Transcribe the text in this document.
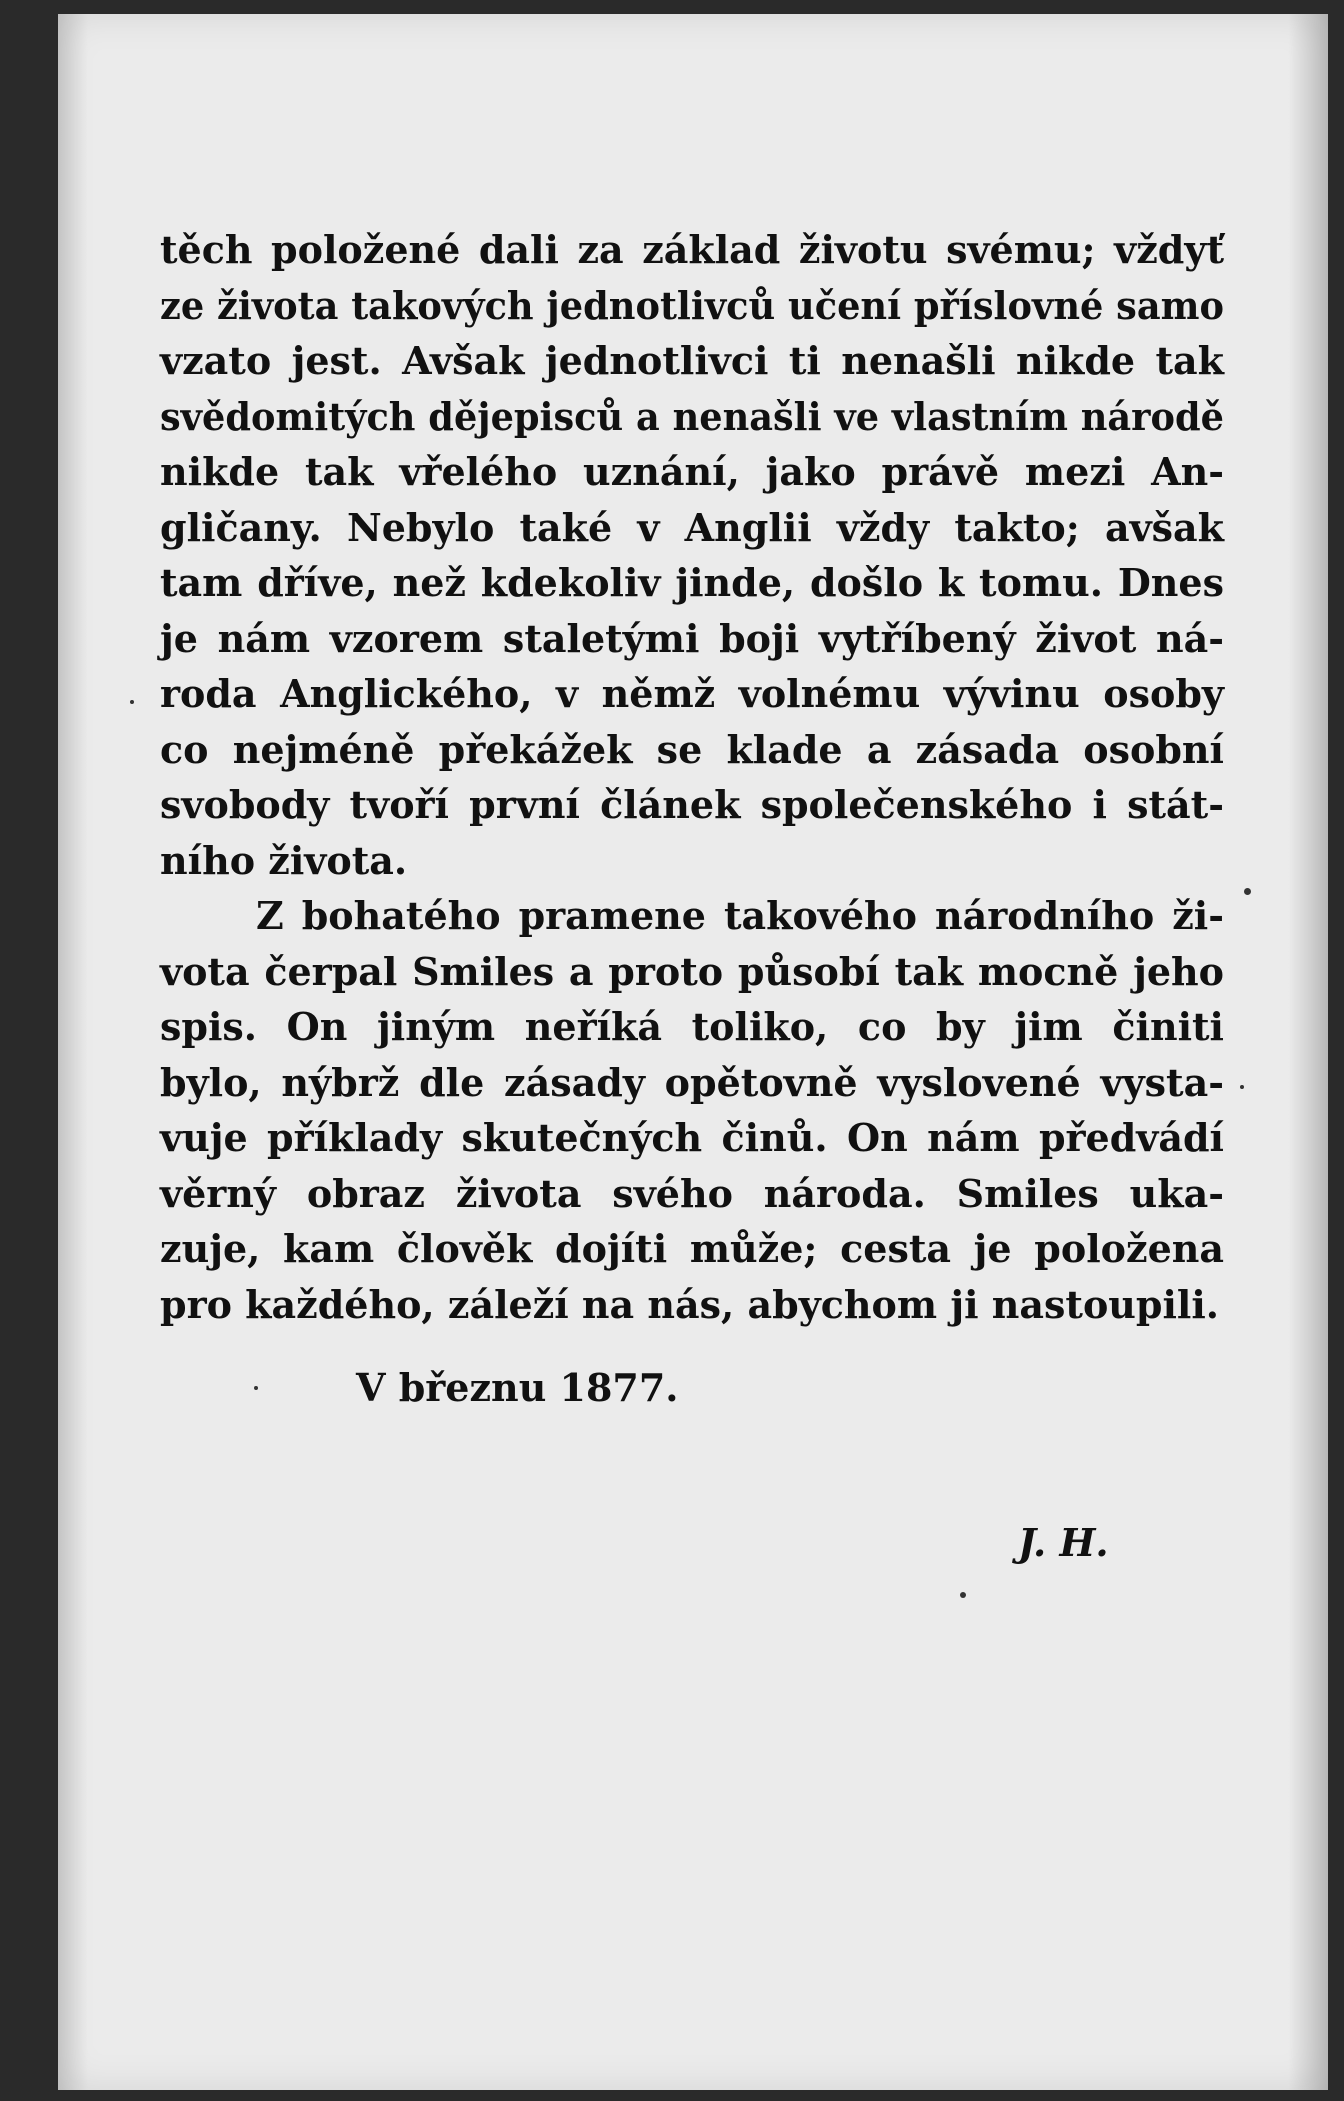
těch položené dali za základ životu svému; vždyť
ze života takových jednotlivců učení příslovné samo
vzato jest. Avšak jednotlivci ti nenašli nikde tak
svědomitých dějepisců a nenašli ve vlastním národě
nikde tak vřelého uznání, jako právě mezi An-
gličany. Nebylo také v Anglii vždy takto; avšak
tam dříve, než kdekoliv jinde, došlo k tomu. Dnes
je nám vzorem staletými boji vytříbený život ná-
roda Anglického, v němž volnému vývinu osoby
co nejméně překážek se klade a zásada osobní
svobody tvoří první článek společenského i stát-
ního života.
Z bohatého pramene takového národního ži-
vota čerpal Smiles a proto působí tak mocně jeho
spis. On jiným neříká toliko, co by jim činiti
bylo, nýbrž dle zásady opětovně vyslovené vysta-
vuje příklady skutečných činů. On nám předvádí
věrný obraz života svého národa. Smiles uka-
zuje, kam člověk dojíti může; cesta je položena
pro každého, záleží na nás, abychom ji nastoupili.
V březnu 1877.
J. H.
